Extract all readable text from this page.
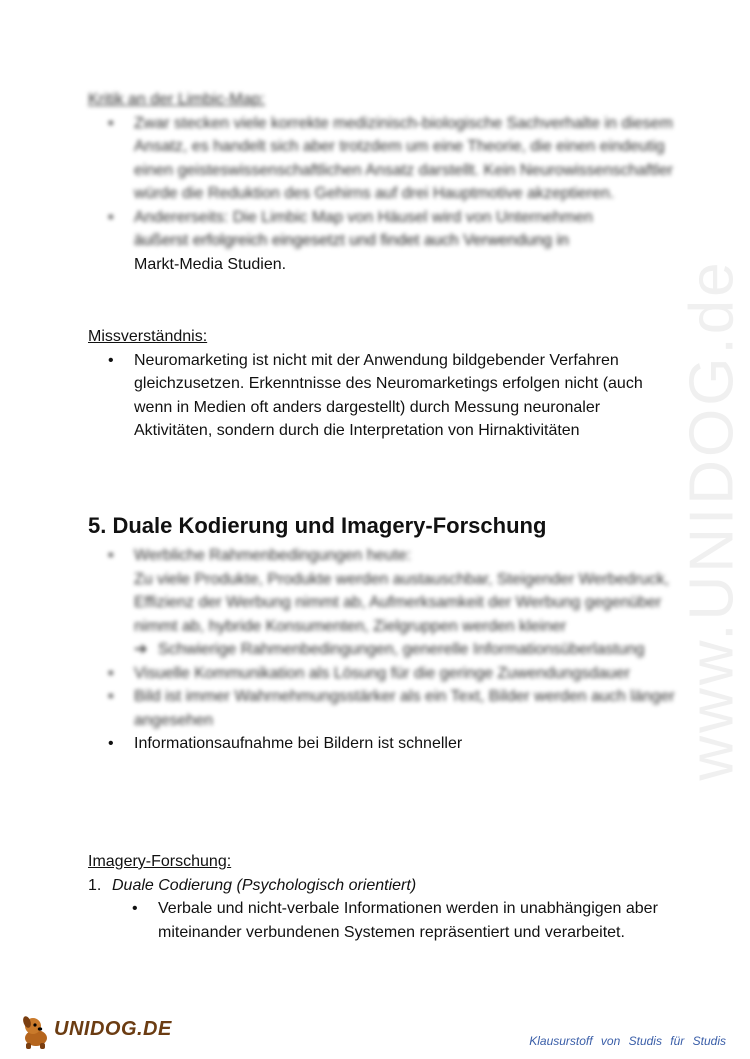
www.UNIDOG.de
Kritik an der Limbic-Map:
• Zwar stecken viele korrekte medizinisch-biologische Sachverhalte in diesem Ansatz, es handelt sich aber trotzdem um eine Theorie, die einen eindeutig einen geisteswissenschaftlichen Ansatz darstellt. Kein Neurowissenschaftler würde die Reduktion des Gehirns auf drei Hauptmotive akzeptieren.
• Andererseits: Die Limbic Map von Häusel wird von Unternehmen
äußerst erfolgreich eingesetzt und findet auch Verwendung in
Markt-Media Studien.
Missverständnis:
• Neuromarketing ist nicht mit der Anwendung bildgebender Verfahren gleichzusetzen. Erkenntnisse des Neuromarketings erfolgen nicht (auch wenn in Medien oft anders dargestellt) durch Messung neuronaler Aktivitäten, sondern durch die Interpretation von Hirnaktivitäten
5. Duale Kodierung und Imagery-Forschung
• Werbliche Rahmenbedingungen heute:
Zu viele Produkte, Produkte werden austauschbar, Steigender Werbedruck, Effizienz der Werbung nimmt ab, Aufmerksamkeit der Werbung gegenüber nimmt ab, hybride Konsumenten, Zielgruppen werden kleiner
➔ Schwierige Rahmenbedingungen, generelle Informationsüberlastung
• Visuelle Kommunikation als Lösung für die geringe Zuwendungsdauer
• Bild ist immer Wahrnehmungsstärker als ein Text, Bilder werden auch länger angesehen
• Informationsaufnahme bei Bildern ist schneller
Imagery-Forschung:
1. Duale Codierung (Psychologisch orientiert)
• Verbale und nicht-verbale Informationen werden in unabhängigen aber miteinander verbundenen Systemen repräsentiert und verarbeitet.
UNIDOG.DE
Klausurstoff von Studis für Studis
